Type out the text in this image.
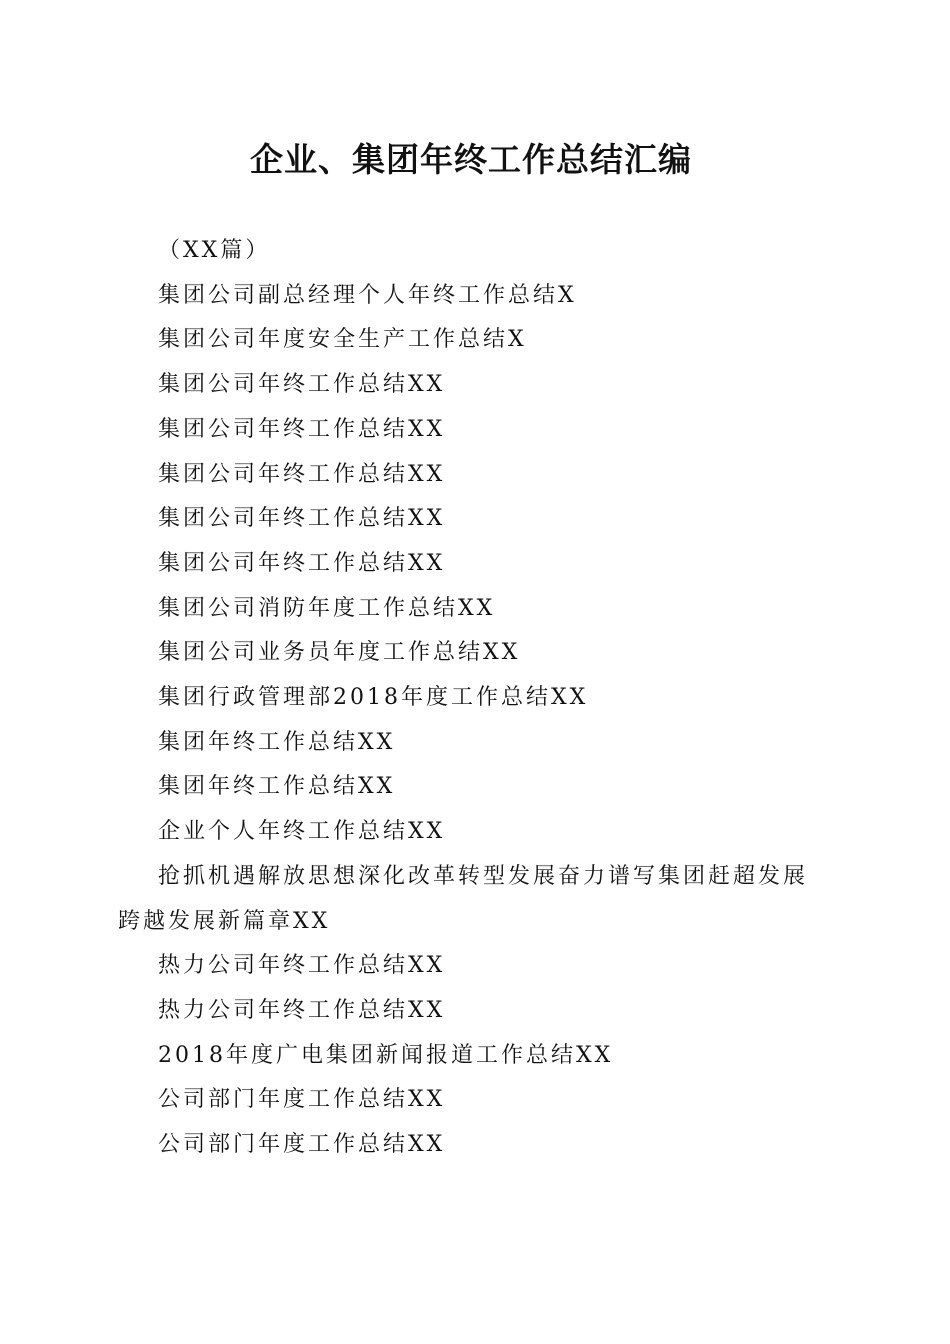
企业、集团年终工作总结汇编
（XX篇）
集团公司副总经理个人年终工作总结X
集团公司年度安全生产工作总结X
集团公司年终工作总结XX
集团公司年终工作总结XX
集团公司年终工作总结XX
集团公司年终工作总结XX
集团公司年终工作总结XX
集团公司消防年度工作总结XX
集团公司业务员年度工作总结XX
集团行政管理部2018年度工作总结XX
集团年终工作总结XX
集团年终工作总结XX
企业个人年终工作总结XX
抢抓机遇解放思想深化改革转型发展奋力谱写集团赶超发展跨越发展新篇章XX
热力公司年终工作总结XX
热力公司年终工作总结XX
2018年度广电集团新闻报道工作总结XX
公司部门年度工作总结XX
公司部门年度工作总结XX
